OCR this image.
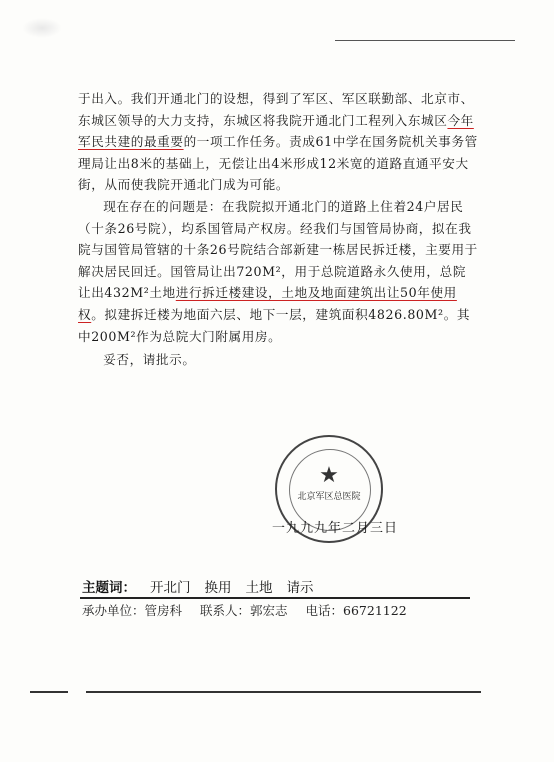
于出入。我们开通北门的设想，得到了军区、军区联勤部、北京市、东城区领导的大力支持，东城区将我院开通北门工程列入东城区今年军民共建的最重要的一项工作任务。责成61中学在国务院机关事务管理局让出8米的基础上，无偿让出4米形成12米宽的道路直通平安大街，从而使我院开通北门成为可能。

现在存在的问题是：在我院拟开通北门的道路上住着24户居民（十条26号院），均系国管局产权房。经我们与国管局协商，拟在我院与国管局管辖的十条26号院结合部新建一栋居民拆迁楼，主要用于解决居民回迁。国管局让出720M²，用于总院道路永久使用，总院让出432M²土地进行拆迁楼建设，土地及地面建筑出让50年使用权。拟建拆迁楼为地面六层、地下一层，建筑面积4826.80M²。其中200M²作为总院大门附属用房。

妥否，请批示。

★
北京军区总医院
一九九九年二月三日
主题词： 开北门 换用 土地 请示
承办单位：管房科 联系人：郭宏志 电话：66721122
